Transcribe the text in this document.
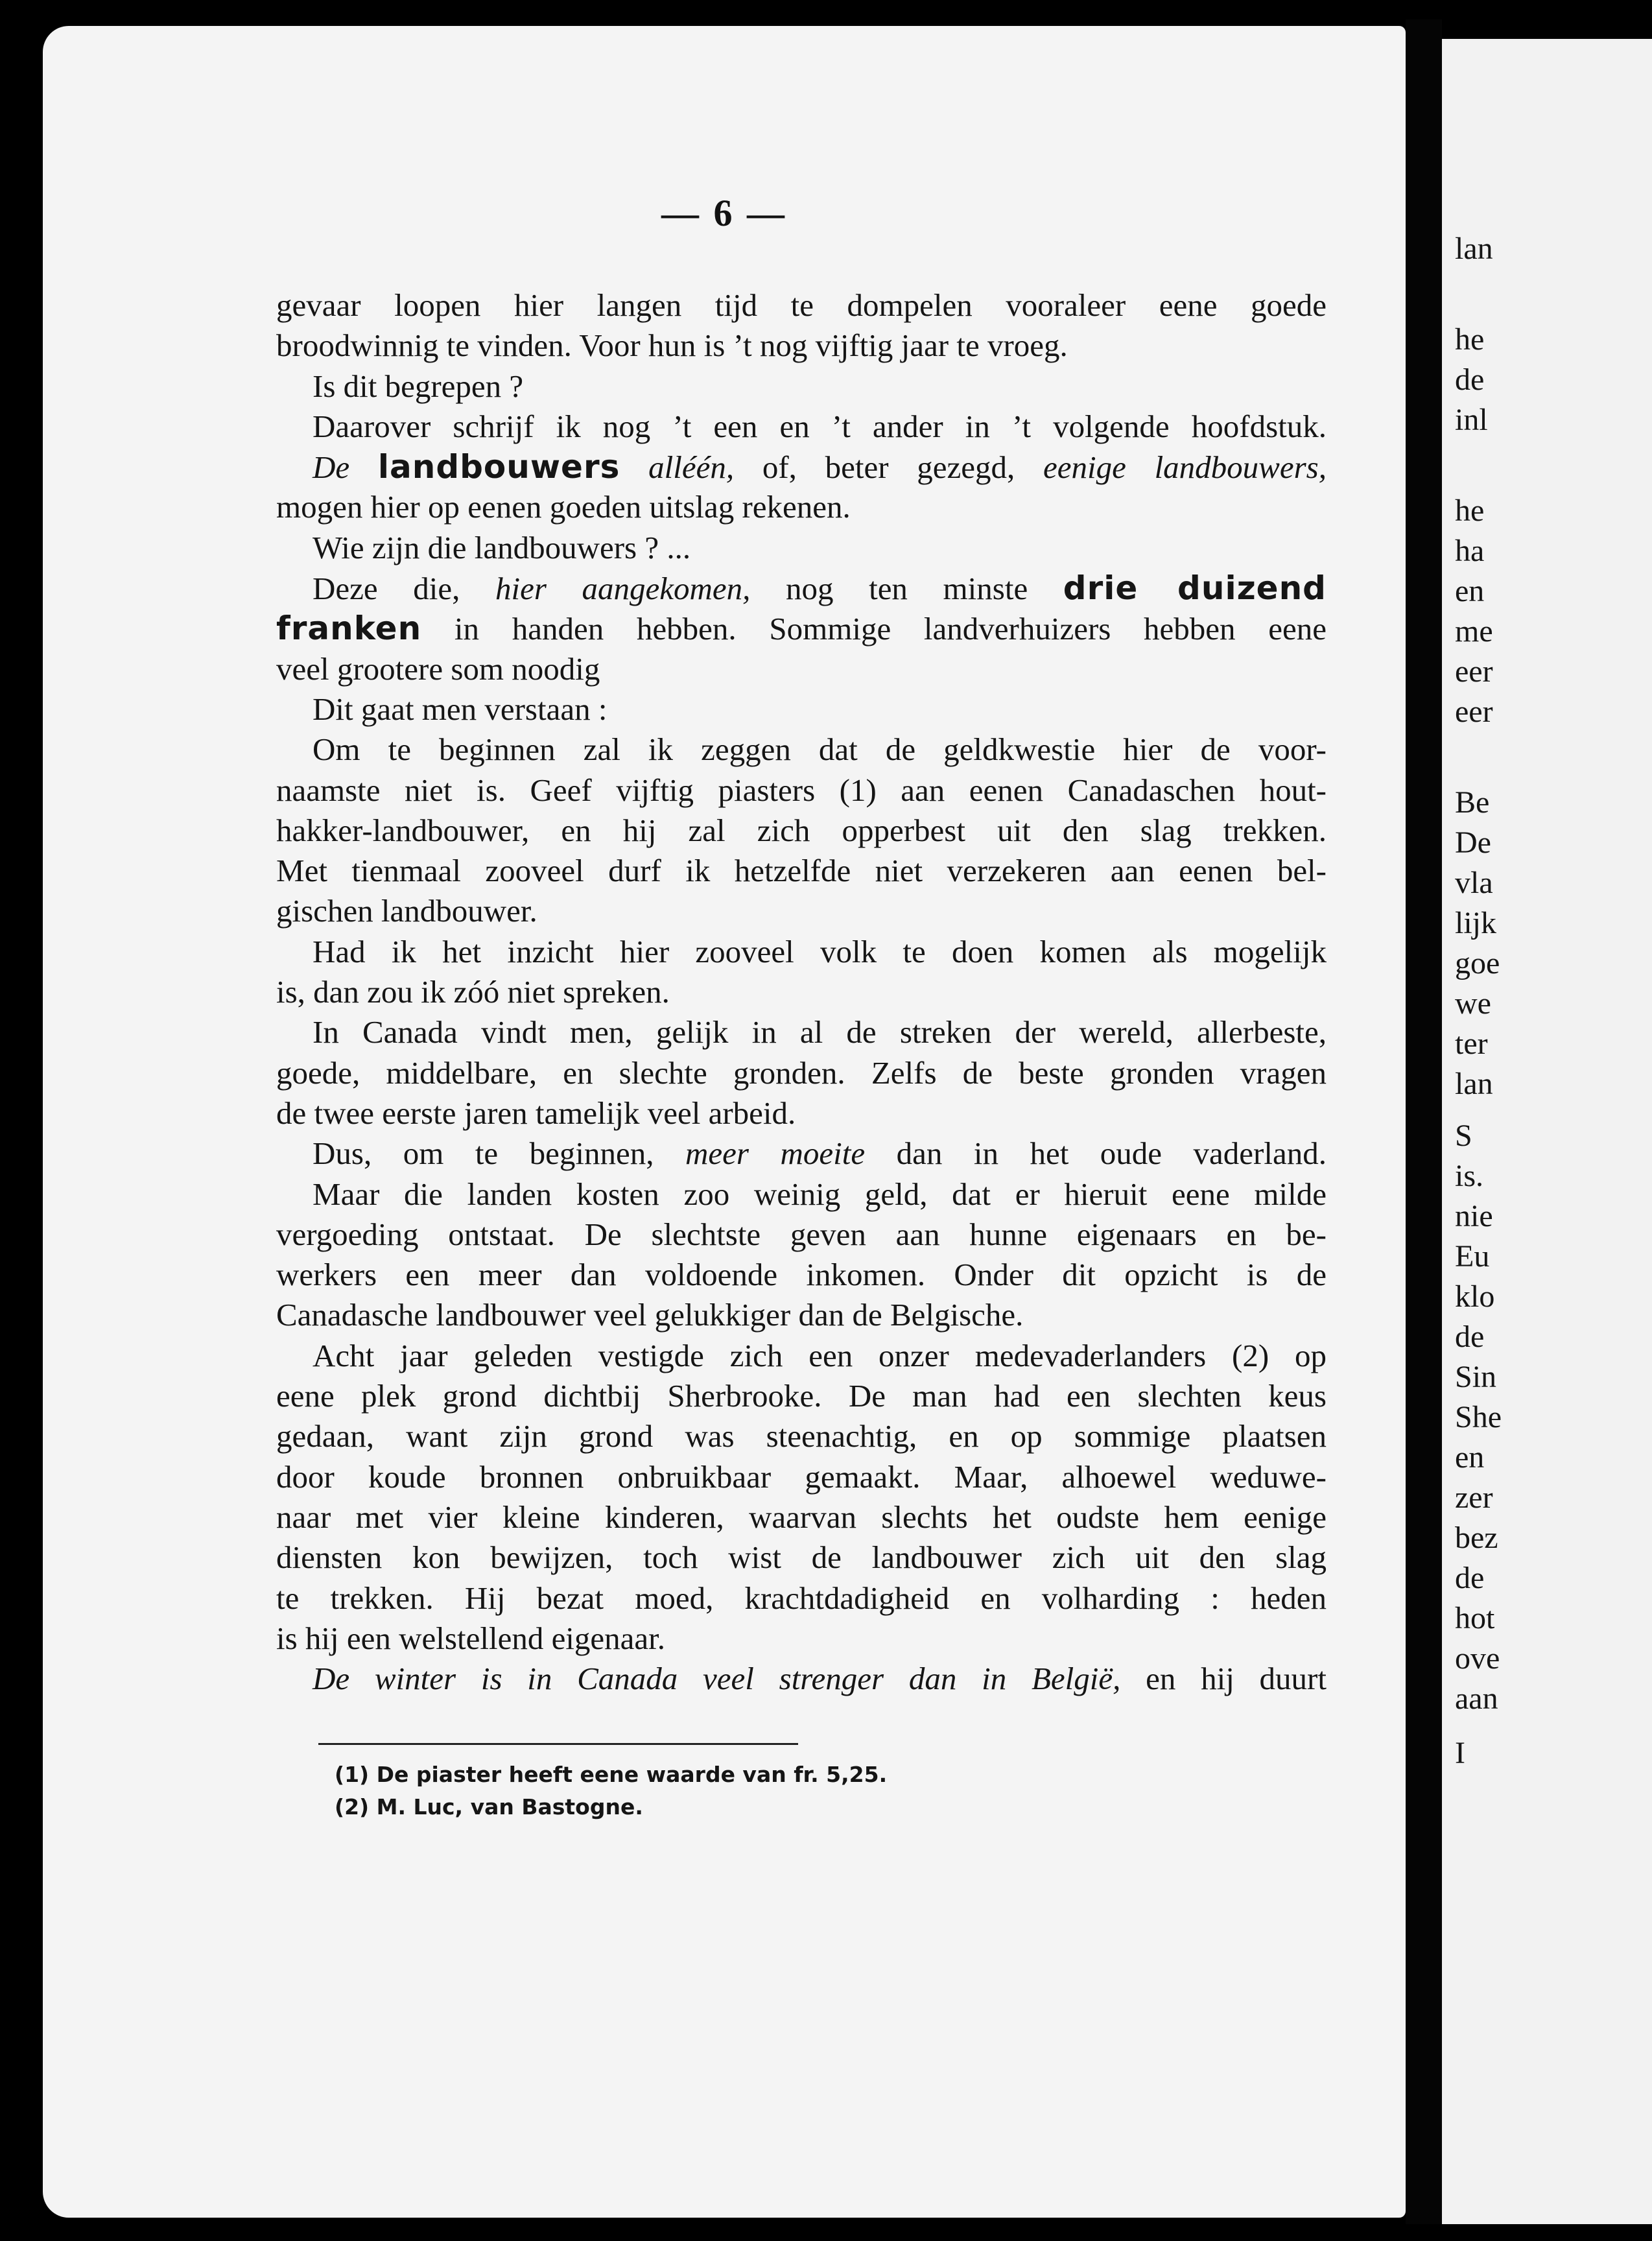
— 6 —
gevaar loopen hier langen tijd te dompelen vooraleer eene goede
broodwinnig te vinden. Voor hun is ’t nog vijftig jaar te vroeg.
Is dit begrepen ?
Daarover schrijf ik nog ’t een en ’t ander in ’t volgende hoofdstuk.
De landbouwers alléén, of, beter gezegd, eenige landbouwers,
mogen hier op eenen goeden uitslag rekenen.
Wie zijn die landbouwers ? ...
Deze die, hier aangekomen, nog ten minste drie duizend
franken in handen hebben. Sommige landverhuizers hebben eene
veel grootere som noodig
Dit gaat men verstaan :
Om te beginnen zal ik zeggen dat de geldkwestie hier de voor-
naamste niet is. Geef vijftig piasters (1) aan eenen Canadaschen hout-
hakker-landbouwer, en hij zal zich opperbest uit den slag trekken.
Met tienmaal zooveel durf ik hetzelfde niet verzekeren aan eenen bel-
gischen landbouwer.
Had ik het inzicht hier zooveel volk te doen komen als mogelijk
is, dan zou ik zóó niet spreken.
In Canada vindt men, gelijk in al de streken der wereld, allerbeste,
goede, middelbare, en slechte gronden. Zelfs de beste gronden vragen
de twee eerste jaren tamelijk veel arbeid.
Dus, om te beginnen, meer moeite dan in het oude vaderland.
Maar die landen kosten zoo weinig geld, dat er hieruit eene milde
vergoeding ontstaat. De slechtste geven aan hunne eigenaars en be-
werkers een meer dan voldoende inkomen. Onder dit opzicht is de
Canadasche landbouwer veel gelukkiger dan de Belgische.
Acht jaar geleden vestigde zich een onzer medevaderlanders (2) op
eene plek grond dichtbij Sherbrooke. De man had een slechten keus
gedaan, want zijn grond was steenachtig, en op sommige plaatsen
door koude bronnen onbruikbaar gemaakt. Maar, alhoewel weduwe-
naar met vier kleine kinderen, waarvan slechts het oudste hem eenige
diensten kon bewijzen, toch wist de landbouwer zich uit den slag
te trekken. Hij bezat moed, krachtdadigheid en volharding : heden
is hij een welstellend eigenaar.
De winter is in Canada veel strenger dan in België, en hij duurt
(1) De piaster heeft eene waarde van fr. 5,25.
(2) M. Luc, van Bastogne.
lan
he
de
inl
he
ha
en
me
eer
eer
Be
De
vla
lijk
goe
we
ter
lan
S
is.
nie
Eu
klo
de
Sin
She
en
zer
bez
de
hot
ove
aan
I
